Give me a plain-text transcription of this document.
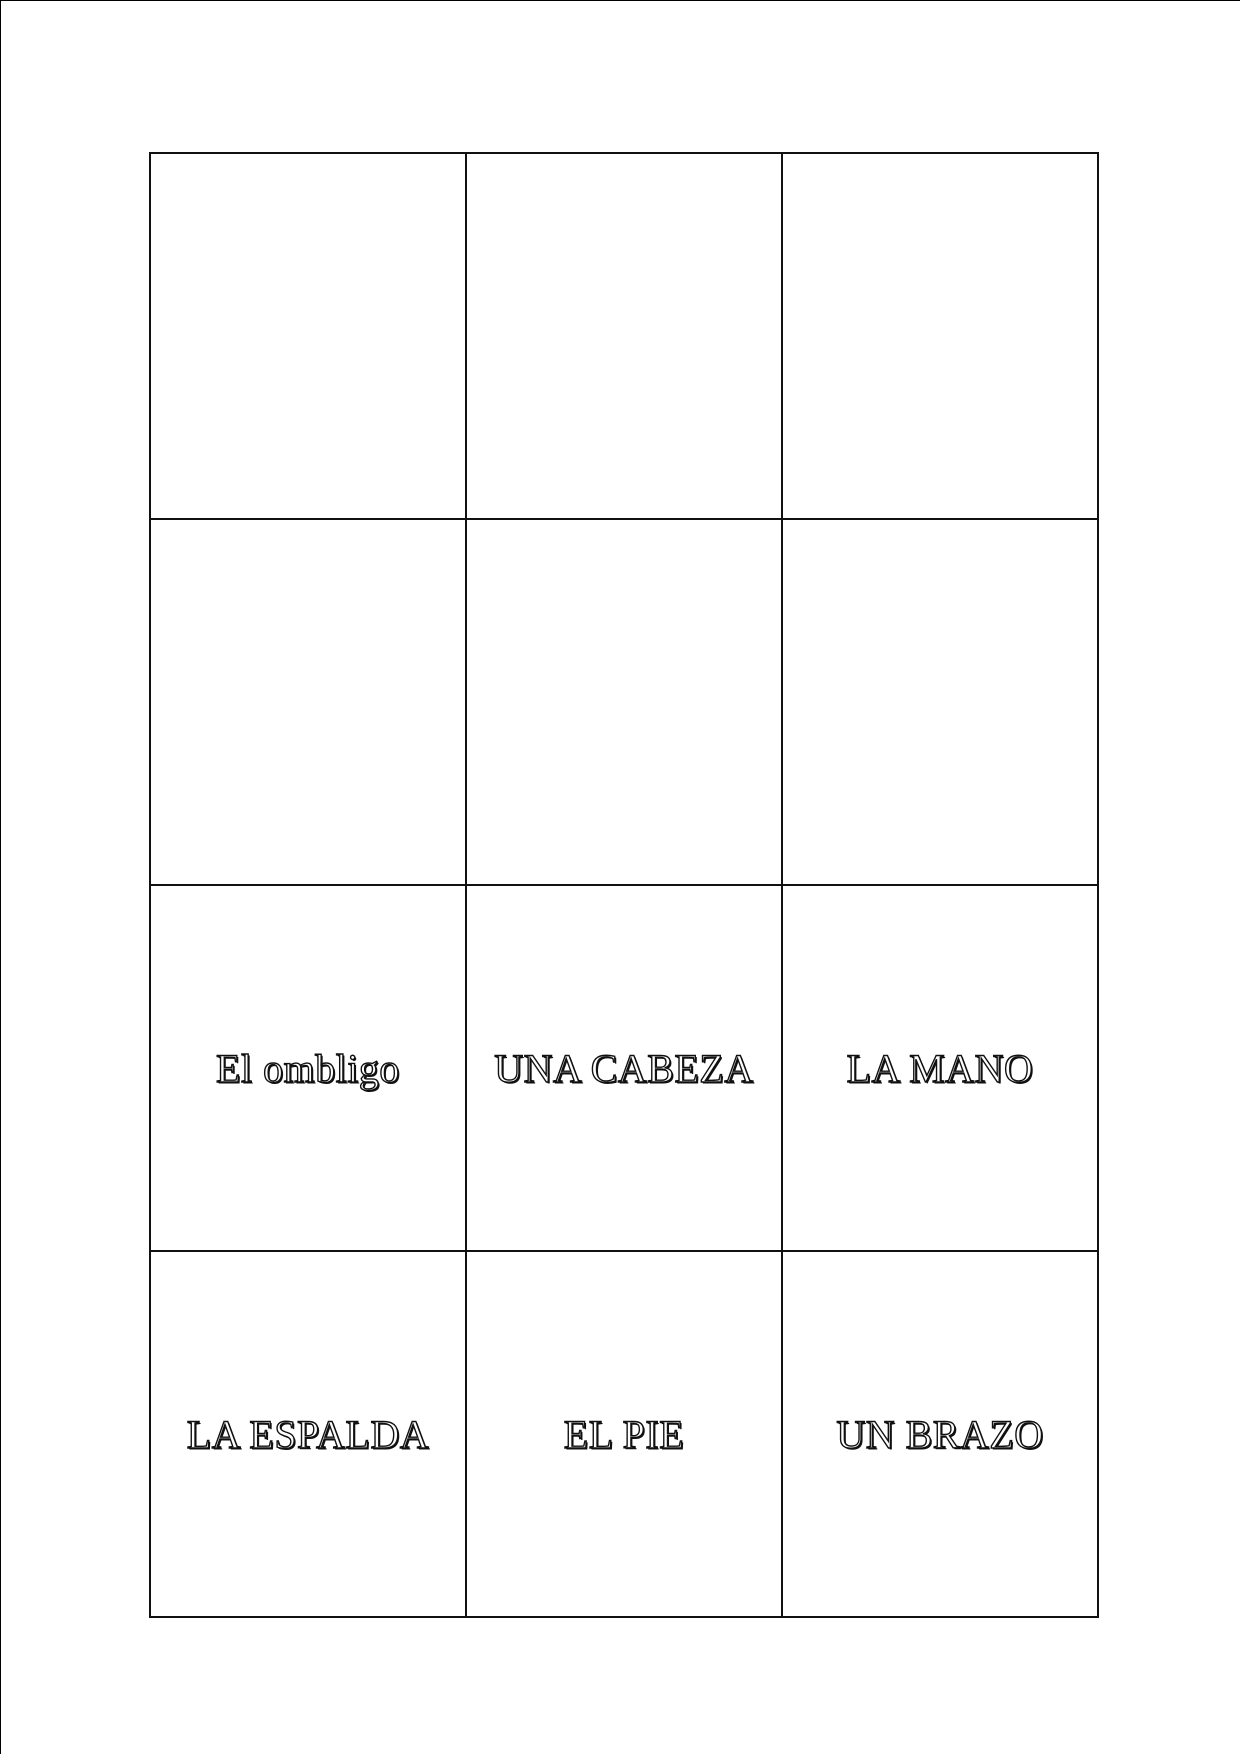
El ombligo	UNA CABEZA	LA MANO
LA ESPALDA	EL PIE	UN BRAZO
